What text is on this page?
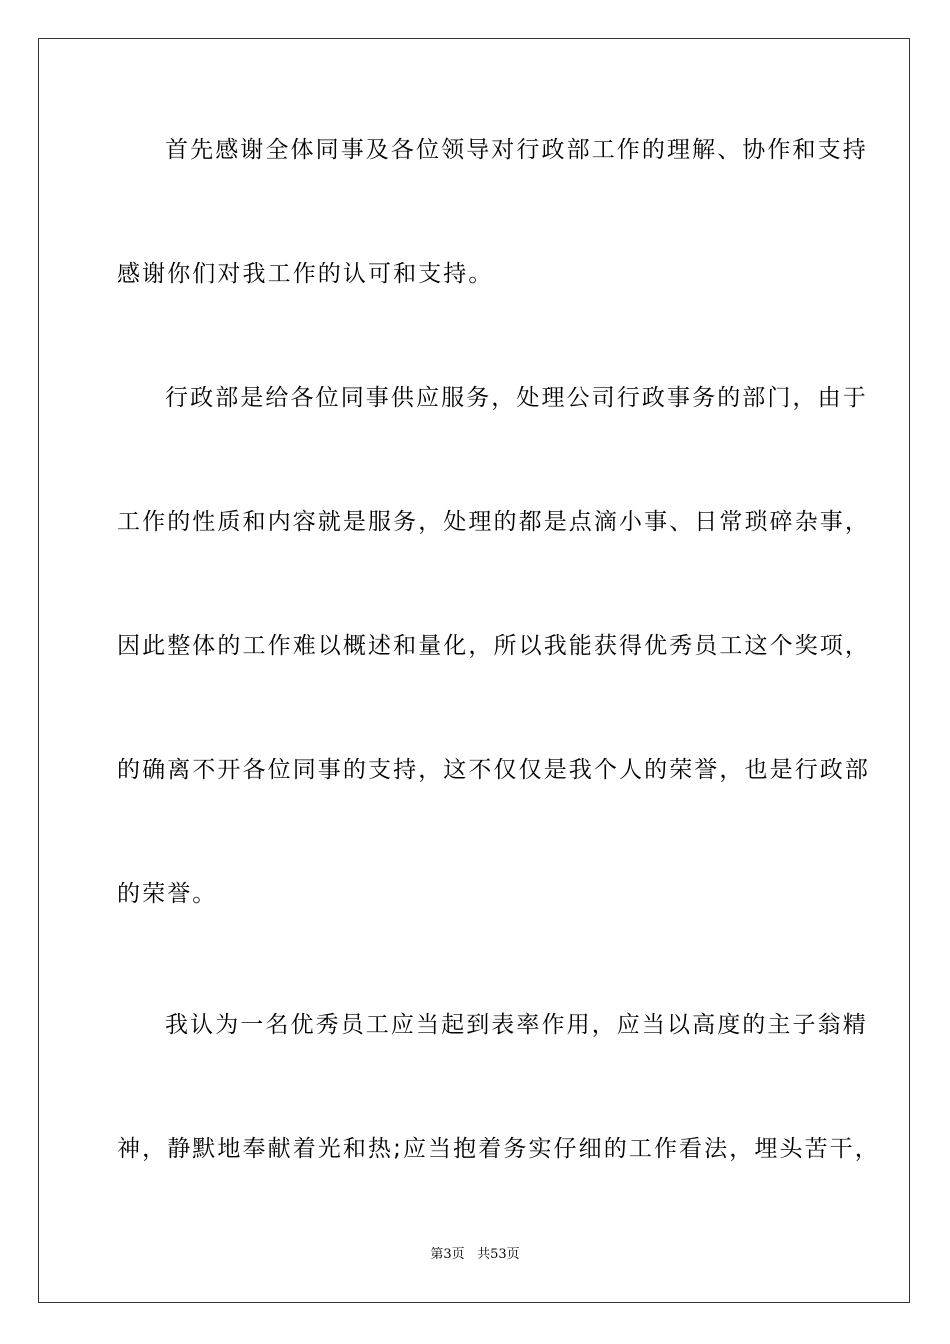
首先感谢全体同事及各位领导对行政部工作的理解、协作和支持
感谢你们对我工作的认可和支持。
行政部是给各位同事供应服务，处理公司行政事务的部门，由于
工作的性质和内容就是服务，处理的都是点滴小事、日常琐碎杂事，
因此整体的工作难以概述和量化，所以我能获得优秀员工这个奖项，
的确离不开各位同事的支持，这不仅仅是我个人的荣誉，也是行政部
的荣誉。
我认为一名优秀员工应当起到表率作用，应当以高度的主子翁精
神，静默地奉献着光和热;应当抱着务实仔细的工作看法，埋头苦干，
第3页 共53页
